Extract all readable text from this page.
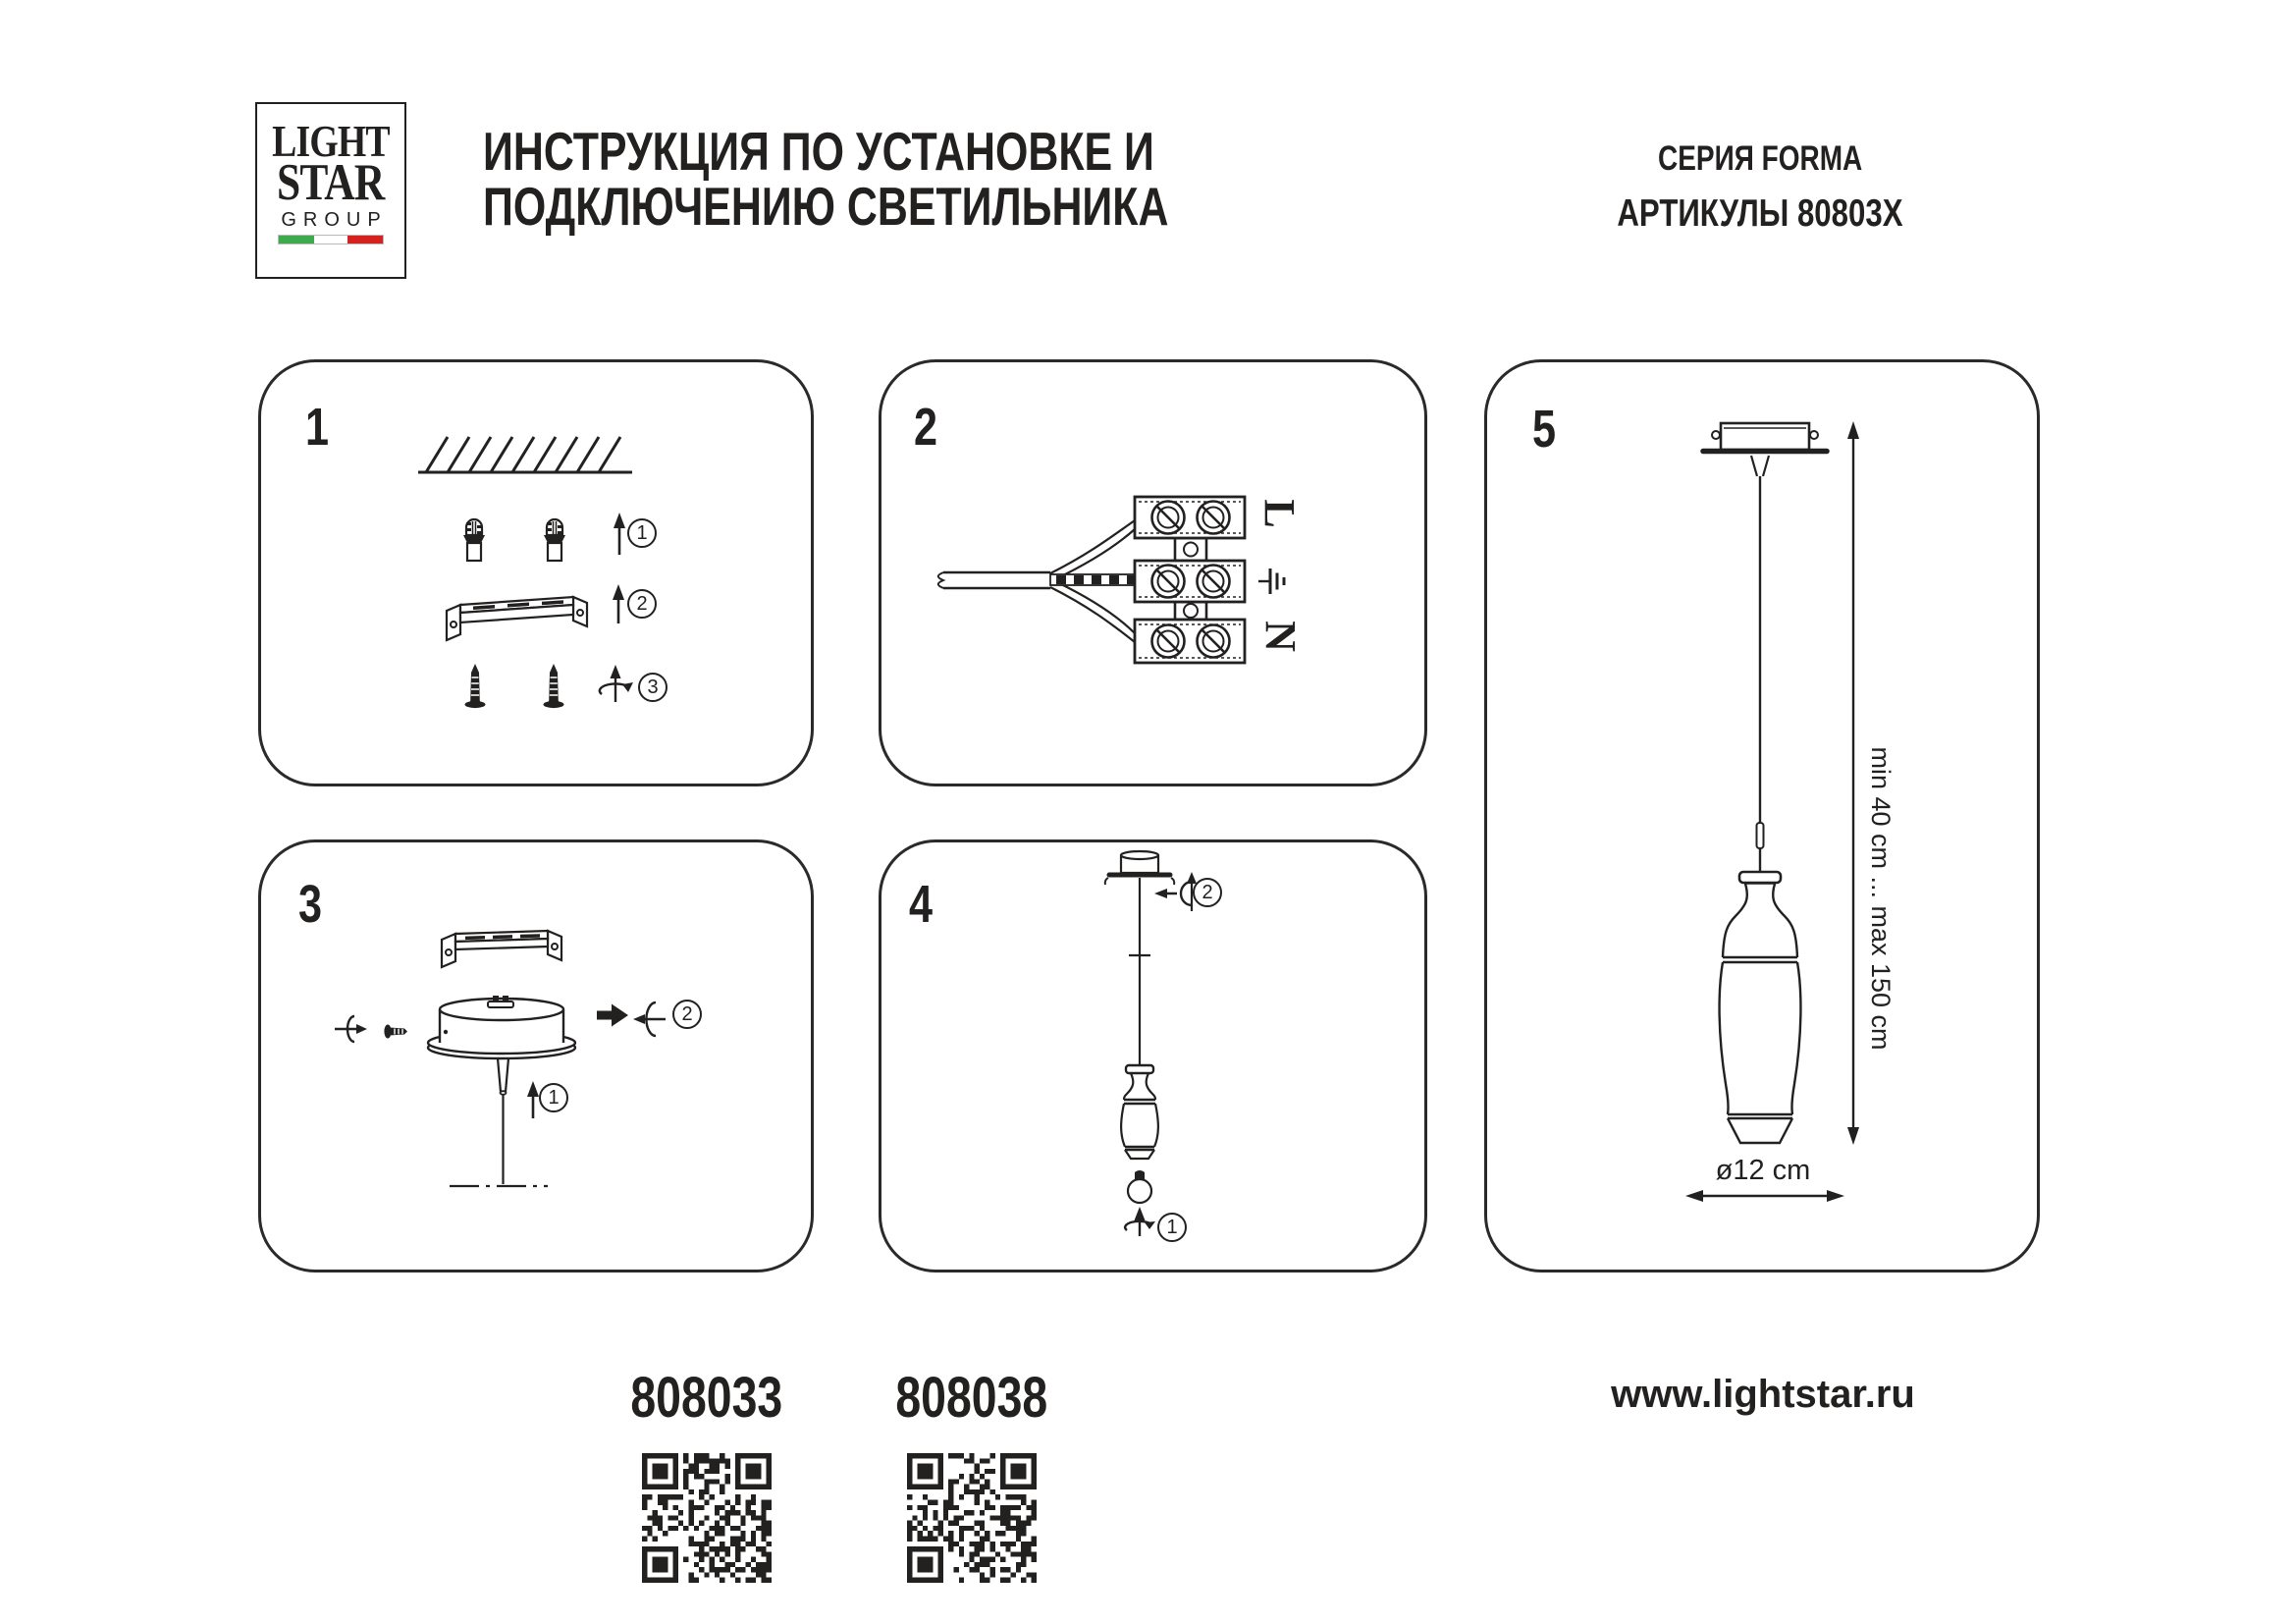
LIGHT
STAR
GROUP
ИНСТРУКЦИЯ ПО УСТАНОВКЕ И
ПОДКЛЮЧЕНИЮ СВЕТИЛЬНИКА
СЕРИЯ FORMA
АРТИКУЛЫ 80803X
1
1
2
3
2
L
N
3
2
1
4	2
1
5
min 40 cm ... max 150 cm
ø12 cm
808033	808038	www.lightstar.ru
